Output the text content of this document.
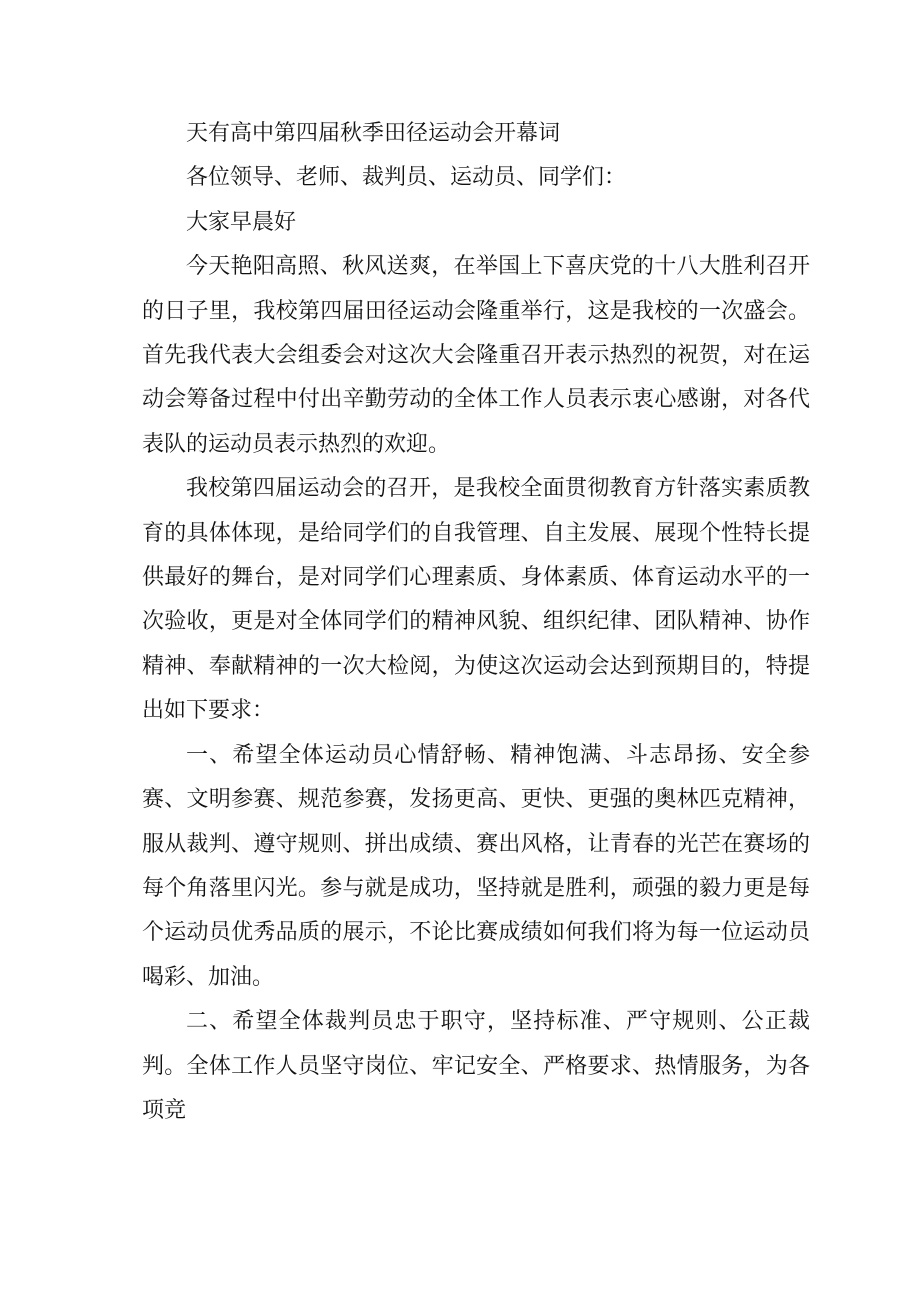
天有高中第四届秋季田径运动会开幕词

各位领导、老师、裁判员、运动员、同学们：

大家早晨好

今天艳阳高照、秋风送爽，在举国上下喜庆党的十八大胜利召开的日子里，我校第四届田径运动会隆重举行，这是我校的一次盛会。首先我代表大会组委会对这次大会隆重召开表示热烈的祝贺，对在运动会筹备过程中付出辛勤劳动的全体工作人员表示衷心感谢，对各代表队的运动员表示热烈的欢迎。

我校第四届运动会的召开，是我校全面贯彻教育方针落实素质教育的具体体现，是给同学们的自我管理、自主发展、展现个性特长提供最好的舞台，是对同学们心理素质、身体素质、体育运动水平的一次验收，更是对全体同学们的精神风貌、组织纪律、团队精神、协作精神、奉献精神的一次大检阅，为使这次运动会达到预期目的，特提出如下要求：

一、希望全体运动员心情舒畅、精神饱满、斗志昂扬、安全参赛、文明参赛、规范参赛，发扬更高、更快、更强的奥林匹克精神，服从裁判、遵守规则、拼出成绩、赛出风格，让青春的光芒在赛场的每个角落里闪光。参与就是成功，坚持就是胜利，顽强的毅力更是每个运动员优秀品质的展示，不论比赛成绩如何我们将为每一位运动员喝彩、加油。

二、希望全体裁判员忠于职守，坚持标准、严守规则、公正裁判。全体工作人员坚守岗位、牢记安全、严格要求、热情服务，为各项竞
